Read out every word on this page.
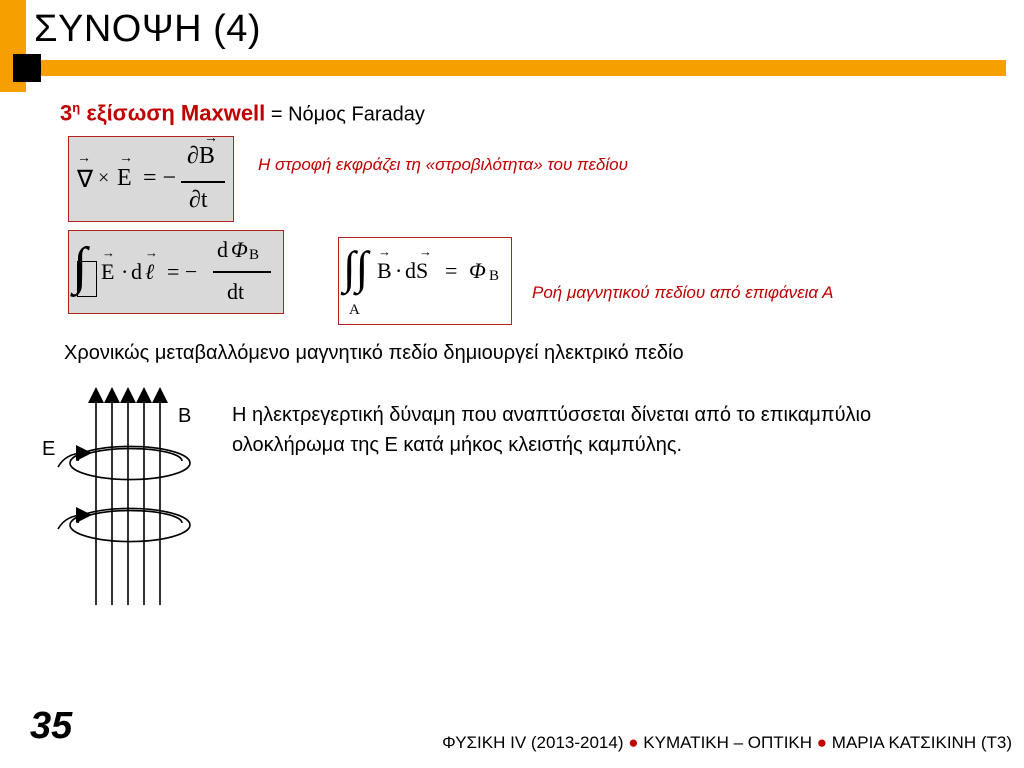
ΣΥΝΟΨΗ (4)
$3^\eta$ εξίσωση Maxwell = Νόμος Faraday
∇
→
× E
→
= −
∂B
→
∂t
Η στροφή εκφράζει τη «στροβιλότητα» του πεδίου
∫ E
→
· d ℓ
→
= −
d Φ B
dt ∫∫
A
B
→
· dS
→
= Φ B
Ροή μαγνητικού πεδίου από επιφάνεια Α
Χρονικώς μεταβαλλόμενο μαγνητικό πεδίο δημιουργεί ηλεκτρικό πεδίο
B
E
Η ηλεκτρεγερτική δύναμη που αναπτύσσεται δίνεται από το επικαμπύλιο ολοκλήρωμα της Ε κατά μήκος κλειστής καμπύλης.
35	ΦΥΣΙΚΗ ΙV (2013-2014) ● ΚΥΜΑΤΙΚΗ – ΟΠΤΙΚΗ ● ΜΑΡΙΑ ΚΑΤΣΙΚΙΝΗ (Τ3)
